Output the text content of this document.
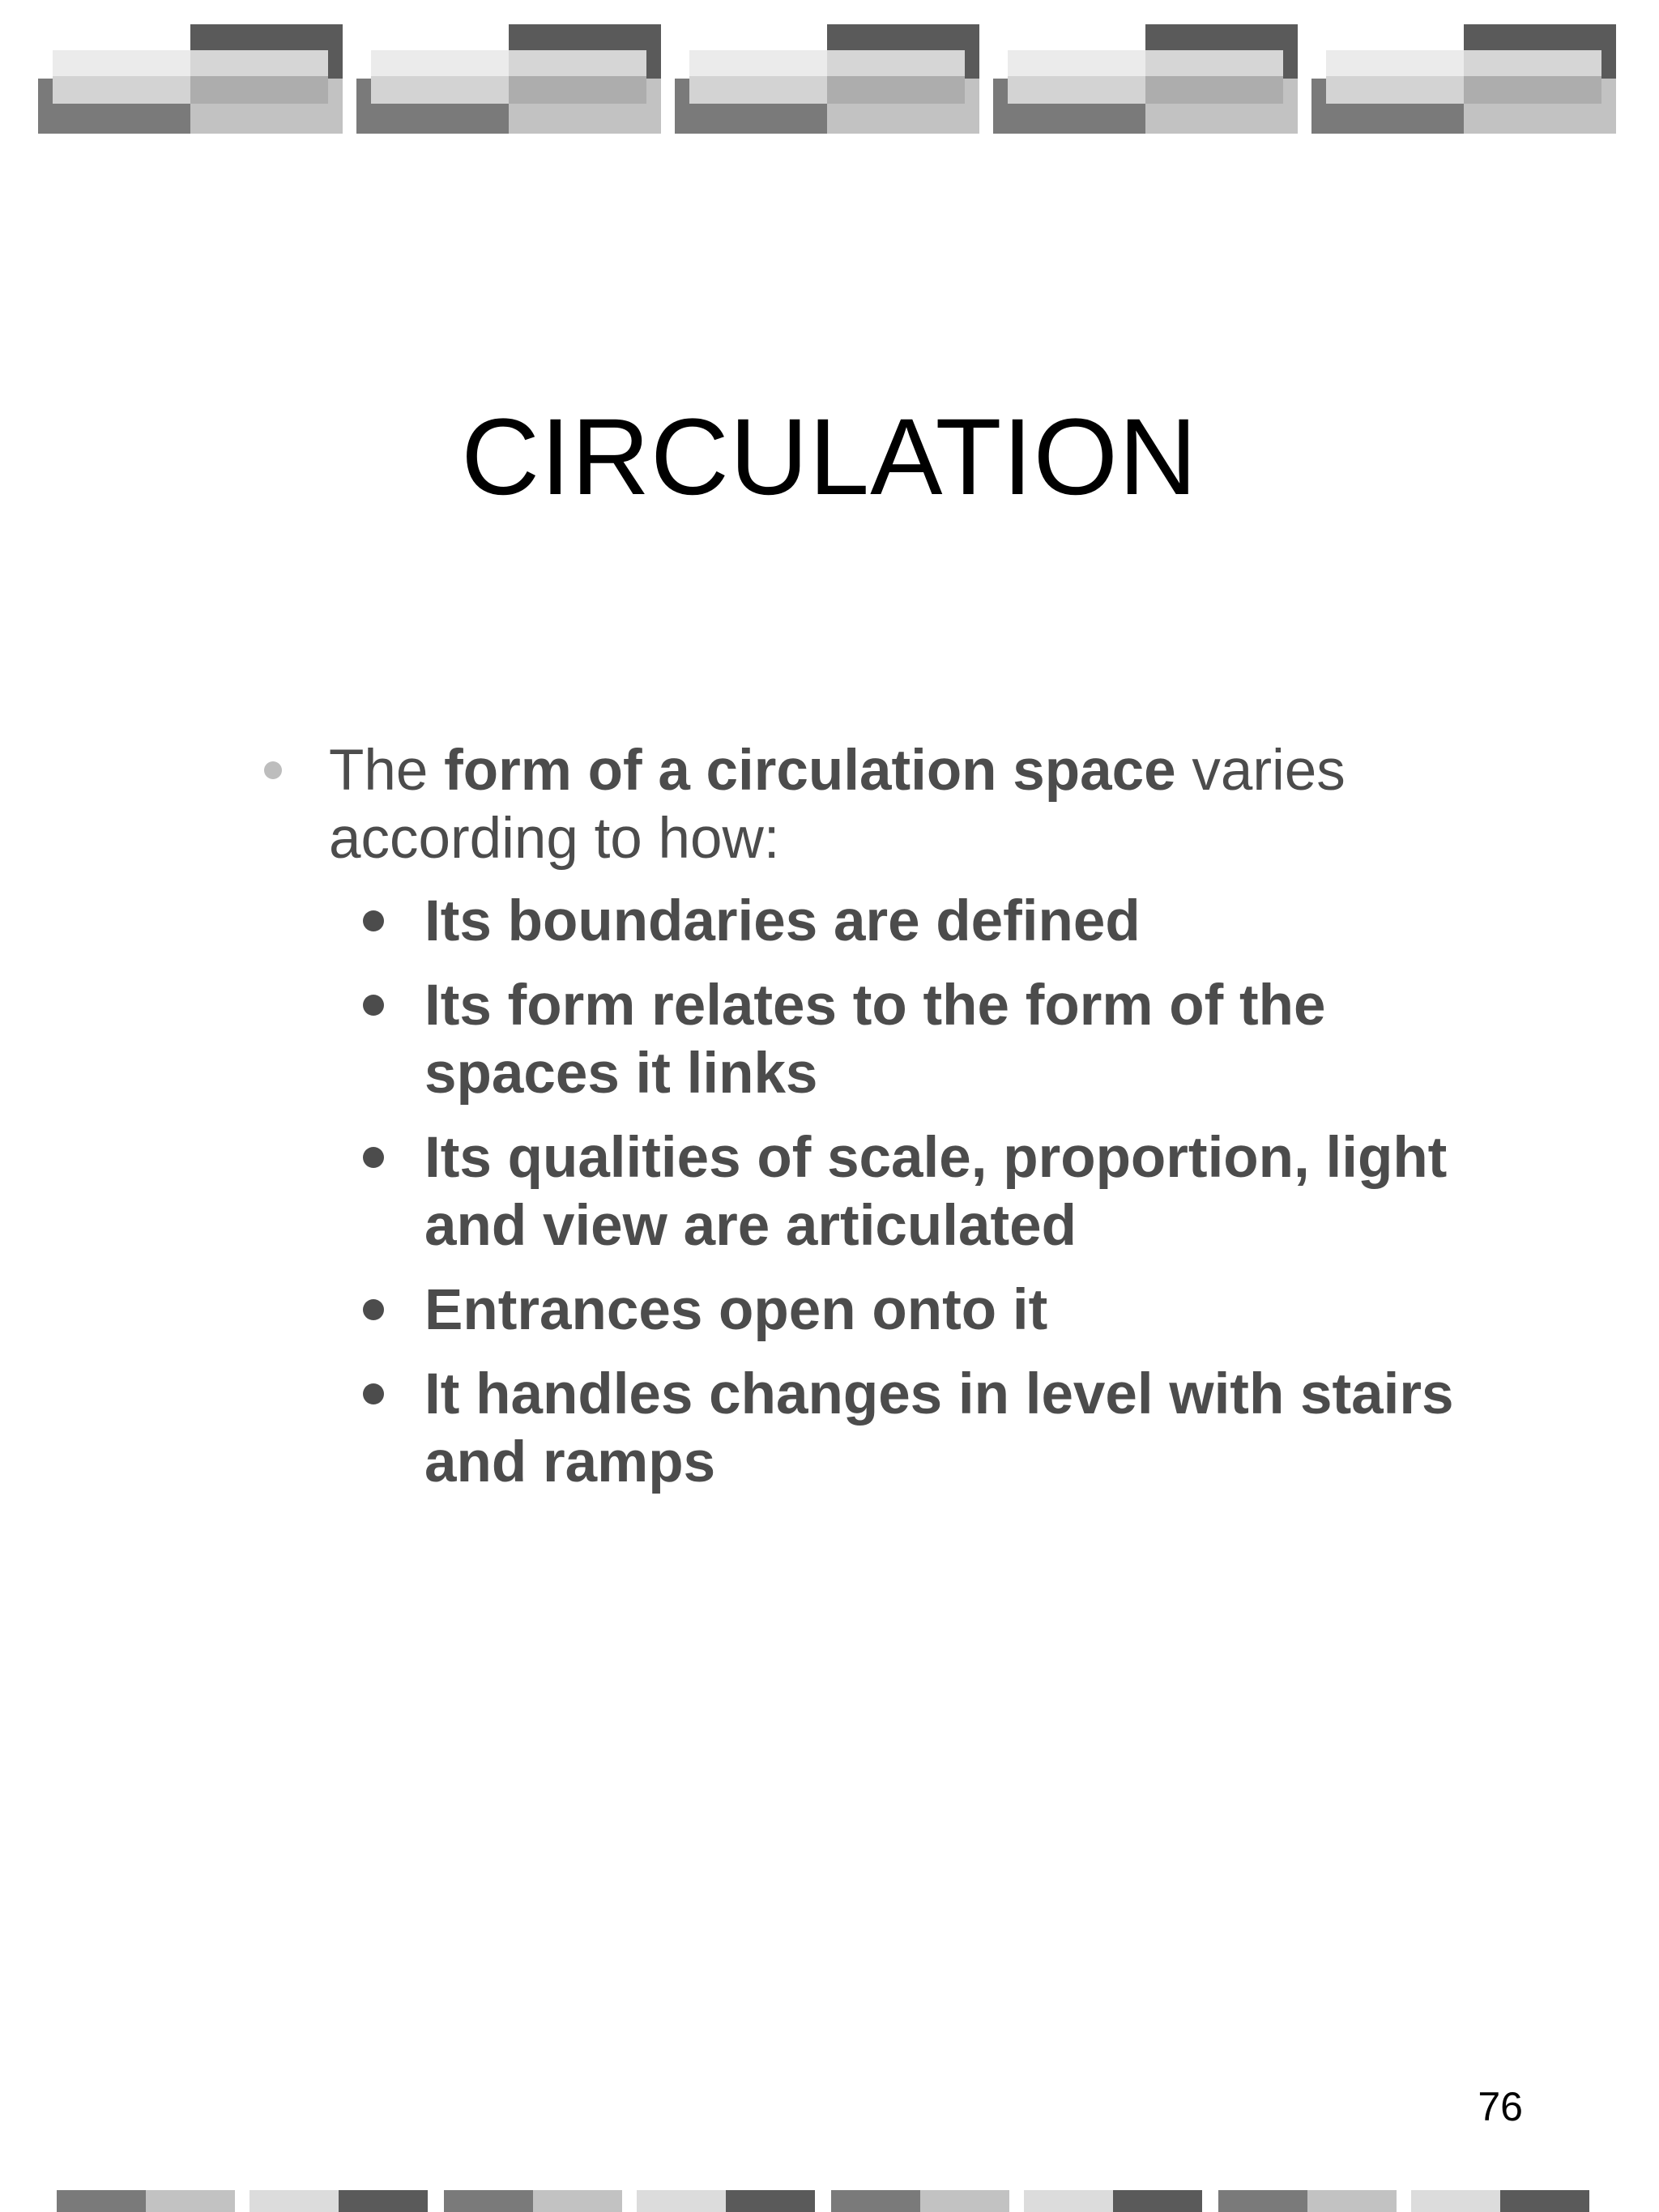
CIRCULATION
The form of a circulation space varies according to how:
Its boundaries are defined
Its form relates to the form of the spaces it links
Its qualities of scale, proportion, light and view are articulated
Entrances open onto it
It handles changes in level with stairs and ramps
76
